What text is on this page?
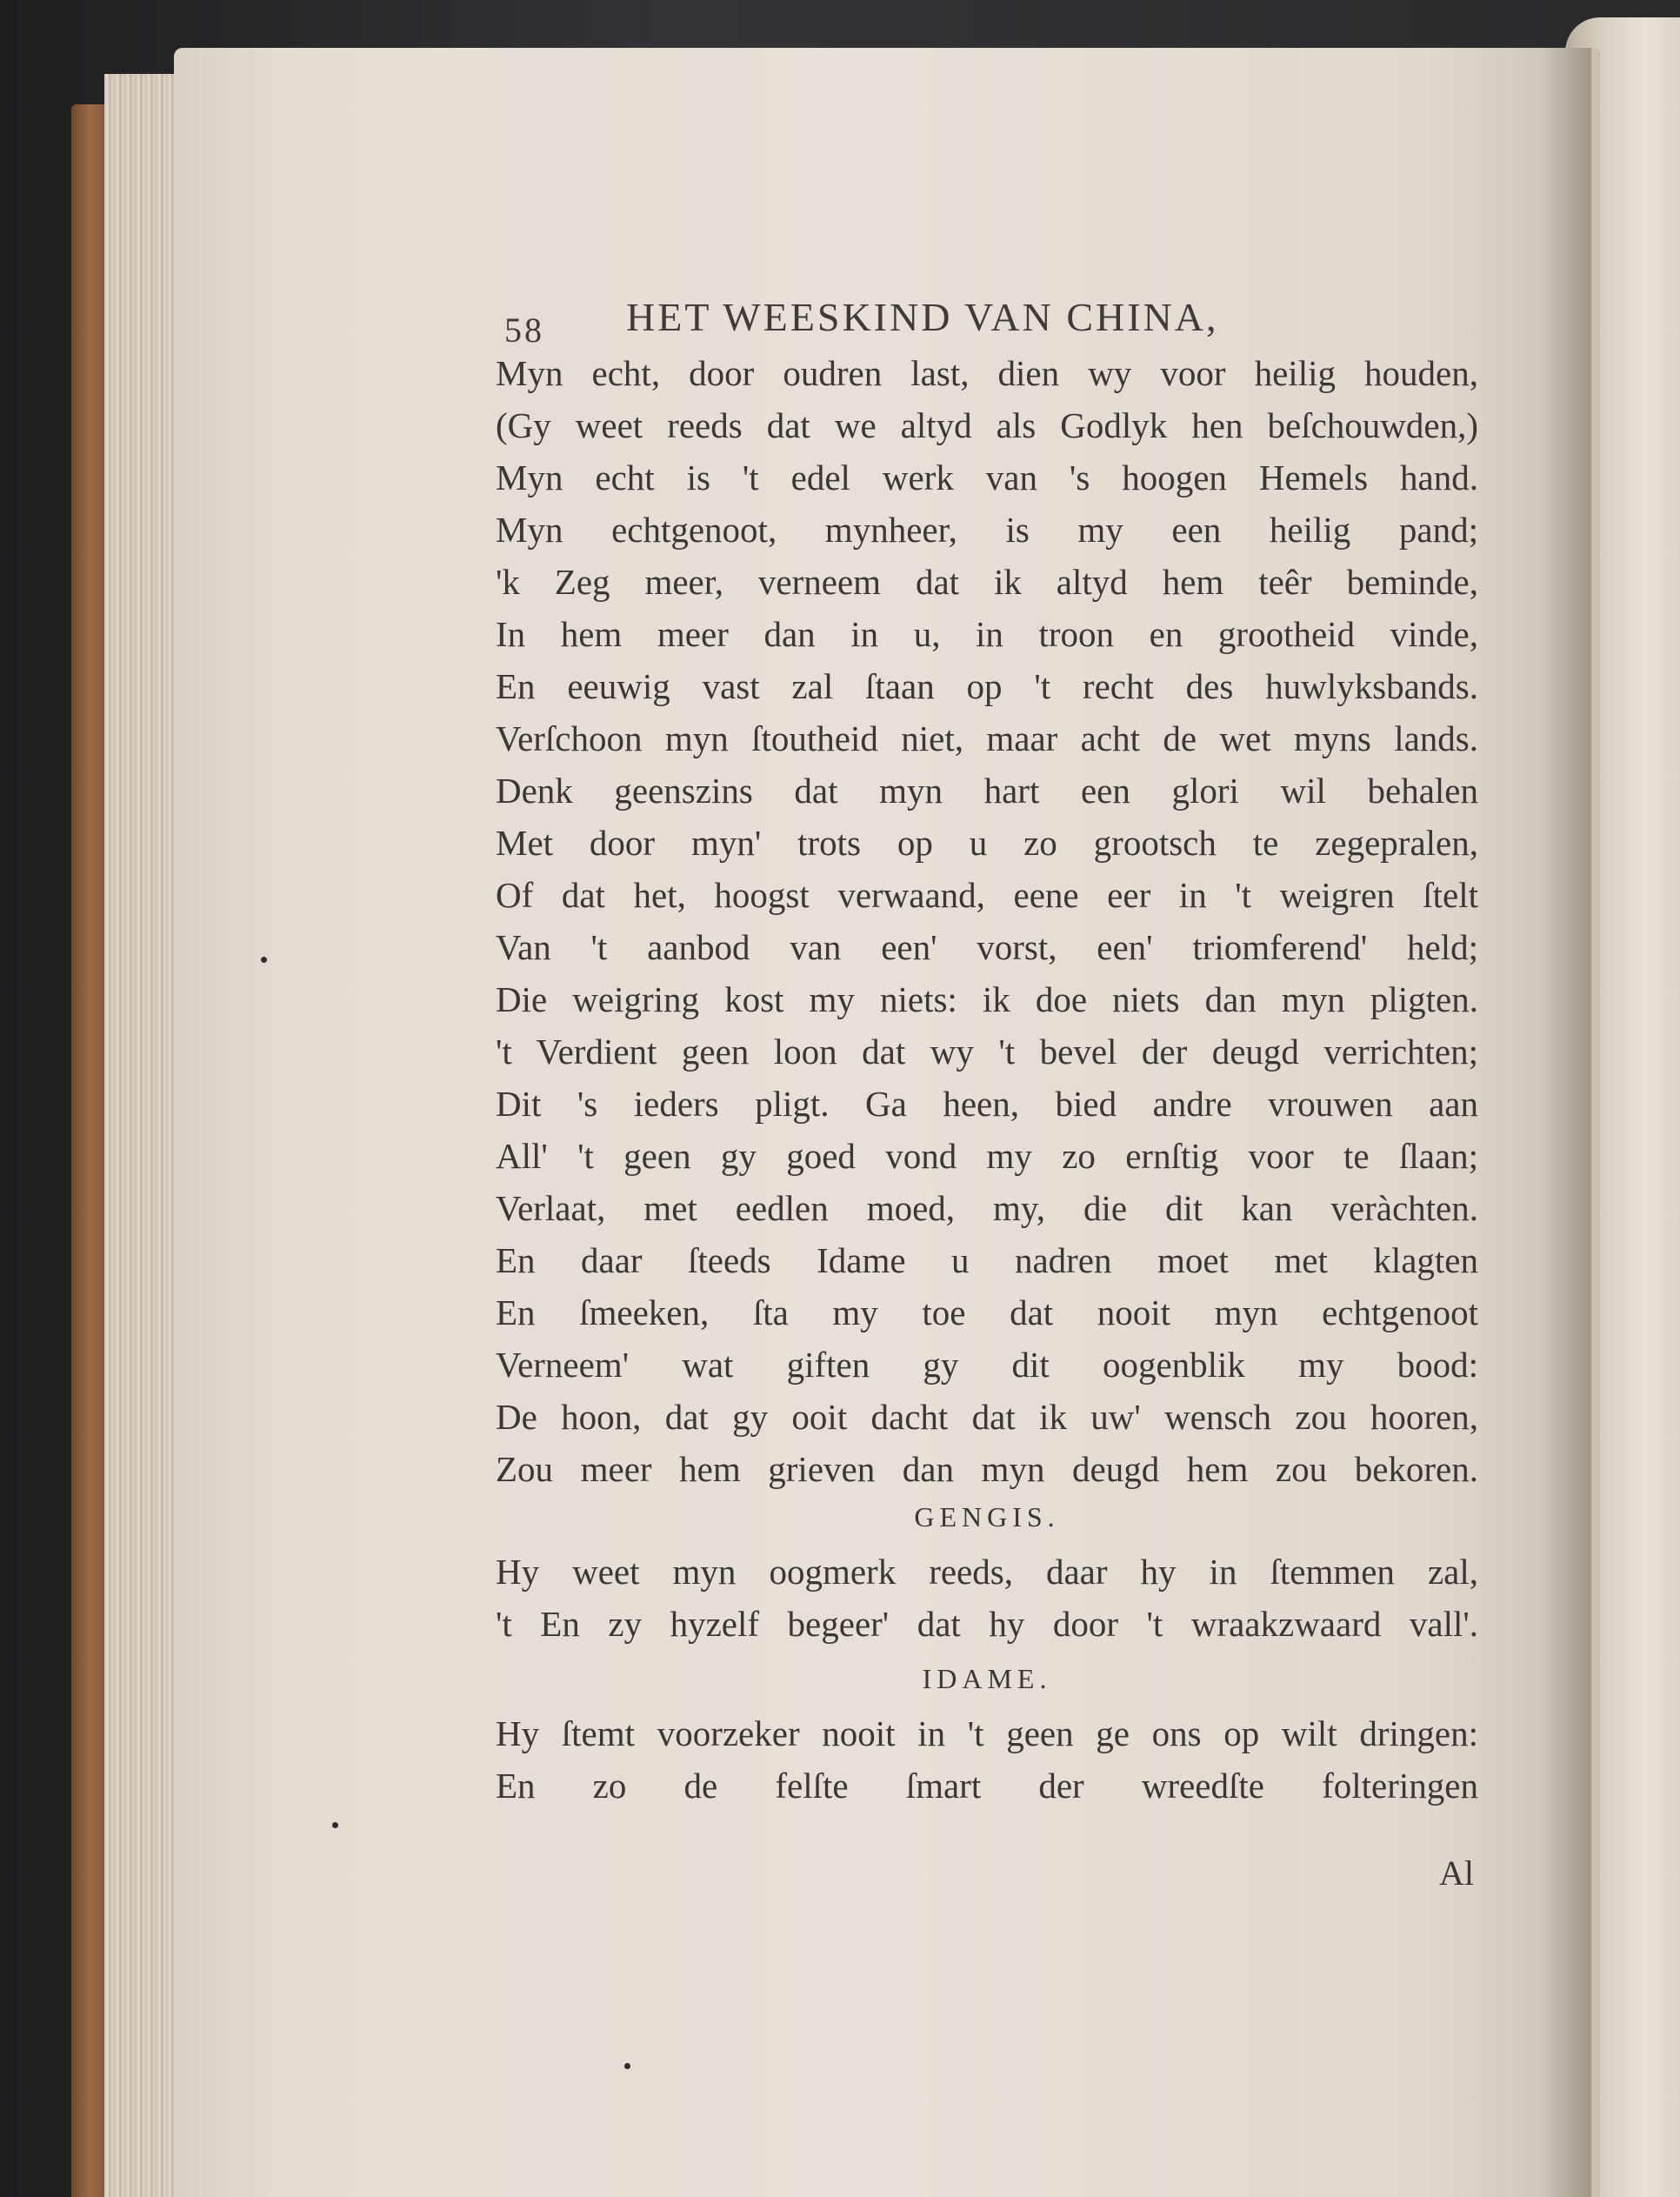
58 HET WEESKIND VAN CHINA,
Myn echt, door oudren last, dien wy voor heilig houden,
(Gy weet reeds dat we altyd als Godlyk hen beſchouwden,)
Myn echt is 't edel werk van 's hoogen Hemels hand.
Myn echtgenoot, mynheer, is my een heilig pand;
'k Zeg meer, verneem dat ik altyd hem teêr beminde,
In hem meer dan in u, in troon en grootheid vinde,
En eeuwig vast zal ſtaan op 't recht des huwlyksbands.
Verſchoon myn ſtoutheid niet, maar acht de wet myns lands.
Denk geenszins dat myn hart een glori wil behalen
Met door myn' trots op u zo grootsch te zegepralen,
Of dat het, hoogst verwaand, eene eer in 't weigren ſtelt
Van 't aanbod van een' vorst, een' triomferend' held;
Die weigring kost my niets: ik doe niets dan myn pligten.
't Verdient geen loon dat wy 't bevel der deugd verrichten;
Dit 's ieders pligt. Ga heen, bied andre vrouwen aan
All' 't geen gy goed vond my zo ernſtig voor te ſlaan;
Verlaat, met eedlen moed, my, die dit kan veràchten.
En daar ſteeds Idame u nadren moet met klagten
En ſmeeken, ſta my toe dat nooit myn echtgenoot
Verneem' wat giften gy dit oogenblik my bood:
De hoon, dat gy ooit dacht dat ik uw' wensch zou hooren,
Zou meer hem grieven dan myn deugd hem zou bekoren.
GENGIS.
Hy weet myn oogmerk reeds, daar hy in ſtemmen zal,
't En zy hyzelf begeer' dat hy door 't wraakzwaard vall'.
IDAME.
Hy ſtemt voorzeker nooit in 't geen ge ons op wilt dringen:
En zo de felſte ſmart der wreedſte folteringen
Al
